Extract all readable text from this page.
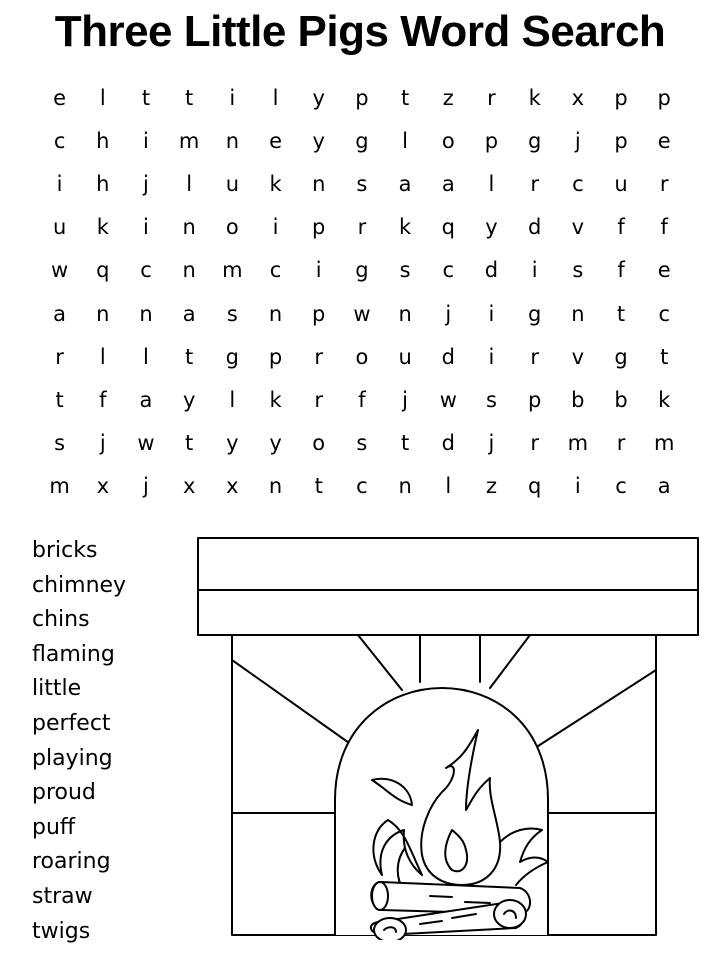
Three Little Pigs Word Search
e	l	t	t	i	l	y	p	t	z	r	k	x	p	p
c	h	i	m	n	e	y	g	l	o	p	g	j	p	e
i	h	j	l	u	k	n	s	a	a	l	r	c	u	r
u	k	i	n	o	i	p	r	k	q	y	d	v	f	f
w	q	c	n	m	c	i	g	s	c	d	i	s	f	e
a	n	n	a	s	n	p	w	n	j	i	g	n	t	c
r	l	l	t	g	p	r	o	u	d	i	r	v	g	t
t	f	a	y	l	k	r	f	j	w	s	p	b	b	k
s	j	w	t	y	y	o	s	t	d	j	r	m	r	m
m	x	j	x	x	n	t	c	n	l	z	q	i	c	a
bricks
chimney
chins
flaming
little
perfect
playing
proud
puff
roaring
straw
twigs
